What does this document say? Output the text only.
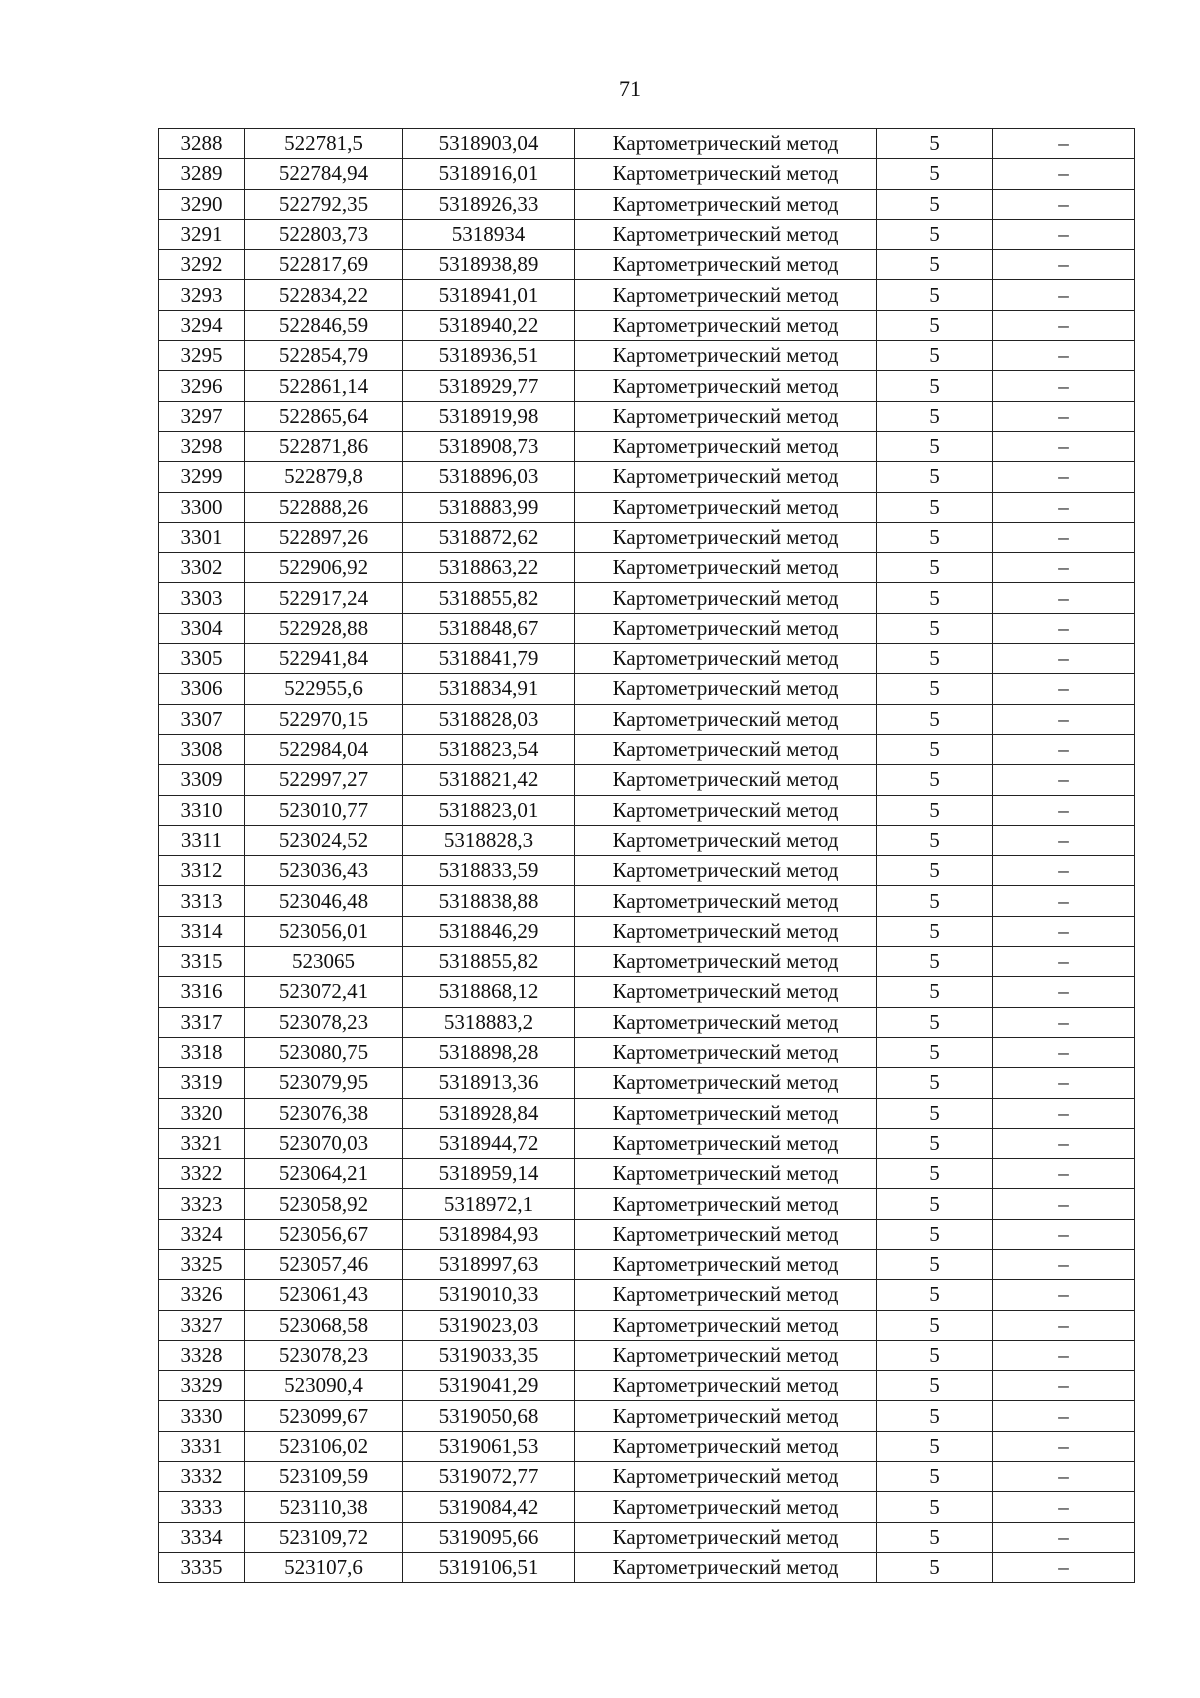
71
3288	522781,5	5318903,04	Картометрический метод	5	–
3289	522784,94	5318916,01	Картометрический метод	5	–
3290	522792,35	5318926,33	Картометрический метод	5	–
3291	522803,73	5318934	Картометрический метод	5	–
3292	522817,69	5318938,89	Картометрический метод	5	–
3293	522834,22	5318941,01	Картометрический метод	5	–
3294	522846,59	5318940,22	Картометрический метод	5	–
3295	522854,79	5318936,51	Картометрический метод	5	–
3296	522861,14	5318929,77	Картометрический метод	5	–
3297	522865,64	5318919,98	Картометрический метод	5	–
3298	522871,86	5318908,73	Картометрический метод	5	–
3299	522879,8	5318896,03	Картометрический метод	5	–
3300	522888,26	5318883,99	Картометрический метод	5	–
3301	522897,26	5318872,62	Картометрический метод	5	–
3302	522906,92	5318863,22	Картометрический метод	5	–
3303	522917,24	5318855,82	Картометрический метод	5	–
3304	522928,88	5318848,67	Картометрический метод	5	–
3305	522941,84	5318841,79	Картометрический метод	5	–
3306	522955,6	5318834,91	Картометрический метод	5	–
3307	522970,15	5318828,03	Картометрический метод	5	–
3308	522984,04	5318823,54	Картометрический метод	5	–
3309	522997,27	5318821,42	Картометрический метод	5	–
3310	523010,77	5318823,01	Картометрический метод	5	–
3311	523024,52	5318828,3	Картометрический метод	5	–
3312	523036,43	5318833,59	Картометрический метод	5	–
3313	523046,48	5318838,88	Картометрический метод	5	–
3314	523056,01	5318846,29	Картометрический метод	5	–
3315	523065	5318855,82	Картометрический метод	5	–
3316	523072,41	5318868,12	Картометрический метод	5	–
3317	523078,23	5318883,2	Картометрический метод	5	–
3318	523080,75	5318898,28	Картометрический метод	5	–
3319	523079,95	5318913,36	Картометрический метод	5	–
3320	523076,38	5318928,84	Картометрический метод	5	–
3321	523070,03	5318944,72	Картометрический метод	5	–
3322	523064,21	5318959,14	Картометрический метод	5	–
3323	523058,92	5318972,1	Картометрический метод	5	–
3324	523056,67	5318984,93	Картометрический метод	5	–
3325	523057,46	5318997,63	Картометрический метод	5	–
3326	523061,43	5319010,33	Картометрический метод	5	–
3327	523068,58	5319023,03	Картометрический метод	5	–
3328	523078,23	5319033,35	Картометрический метод	5	–
3329	523090,4	5319041,29	Картометрический метод	5	–
3330	523099,67	5319050,68	Картометрический метод	5	–
3331	523106,02	5319061,53	Картометрический метод	5	–
3332	523109,59	5319072,77	Картометрический метод	5	–
3333	523110,38	5319084,42	Картометрический метод	5	–
3334	523109,72	5319095,66	Картометрический метод	5	–
3335	523107,6	5319106,51	Картометрический метод	5	–
